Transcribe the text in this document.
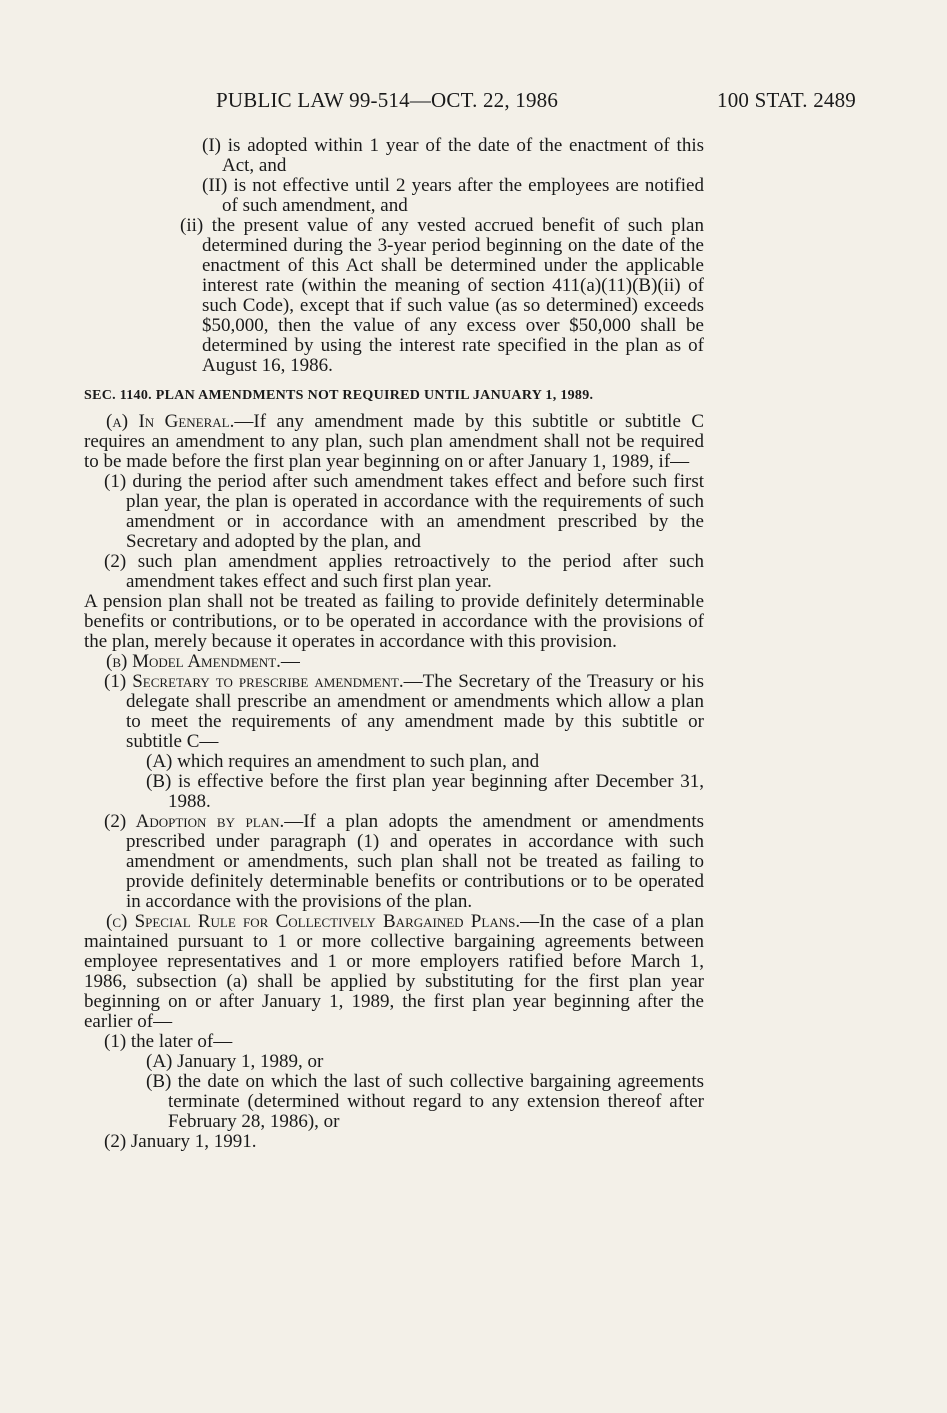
PUBLIC LAW 99-514—OCT. 22, 1986	100 STAT. 2489

(I) is adopted within 1 year of the date of the enactment of this Act, and

(II) is not effective until 2 years after the employees are notified of such amendment, and

(ii) the present value of any vested accrued benefit of such plan determined during the 3-year period beginning on the date of the enactment of this Act shall be determined under the applicable interest rate (within the meaning of section 411(a)(11)(B)(ii) of such Code), except that if such value (as so determined) exceeds $50,000, then the value of any excess over $50,000 shall be determined by using the interest rate specified in the plan as of August 16, 1986.

SEC. 1140. PLAN AMENDMENTS NOT REQUIRED UNTIL JANUARY 1, 1989.

(a) In General.—If any amendment made by this subtitle or subtitle C requires an amendment to any plan, such plan amendment shall not be required to be made before the first plan year beginning on or after January 1, 1989, if—

(1) during the period after such amendment takes effect and before such first plan year, the plan is operated in accordance with the requirements of such amendment or in accordance with an amendment prescribed by the Secretary and adopted by the plan, and

(2) such plan amendment applies retroactively to the period after such amendment takes effect and such first plan year.

A pension plan shall not be treated as failing to provide definitely determinable benefits or contributions, or to be operated in accordance with the provisions of the plan, merely because it operates in accordance with this provision.

(b) Model Amendment.—

(1) Secretary to prescribe amendment.—The Secretary of the Treasury or his delegate shall prescribe an amendment or amendments which allow a plan to meet the requirements of any amendment made by this subtitle or subtitle C—

(A) which requires an amendment to such plan, and

(B) is effective before the first plan year beginning after December 31, 1988.

(2) Adoption by plan.—If a plan adopts the amendment or amendments prescribed under paragraph (1) and operates in accordance with such amendment or amendments, such plan shall not be treated as failing to provide definitely determinable benefits or contributions or to be operated in accordance with the provisions of the plan.

(c) Special Rule for Collectively Bargained Plans.—In the case of a plan maintained pursuant to 1 or more collective bargaining agreements between employee representatives and 1 or more employers ratified before March 1, 1986, subsection (a) shall be applied by substituting for the first plan year beginning on or after January 1, 1989, the first plan year beginning after the earlier of—

(1) the later of—

(A) January 1, 1989, or

(B) the date on which the last of such collective bargaining agreements terminate (determined without regard to any extension thereof after February 28, 1986), or

(2) January 1, 1991.
